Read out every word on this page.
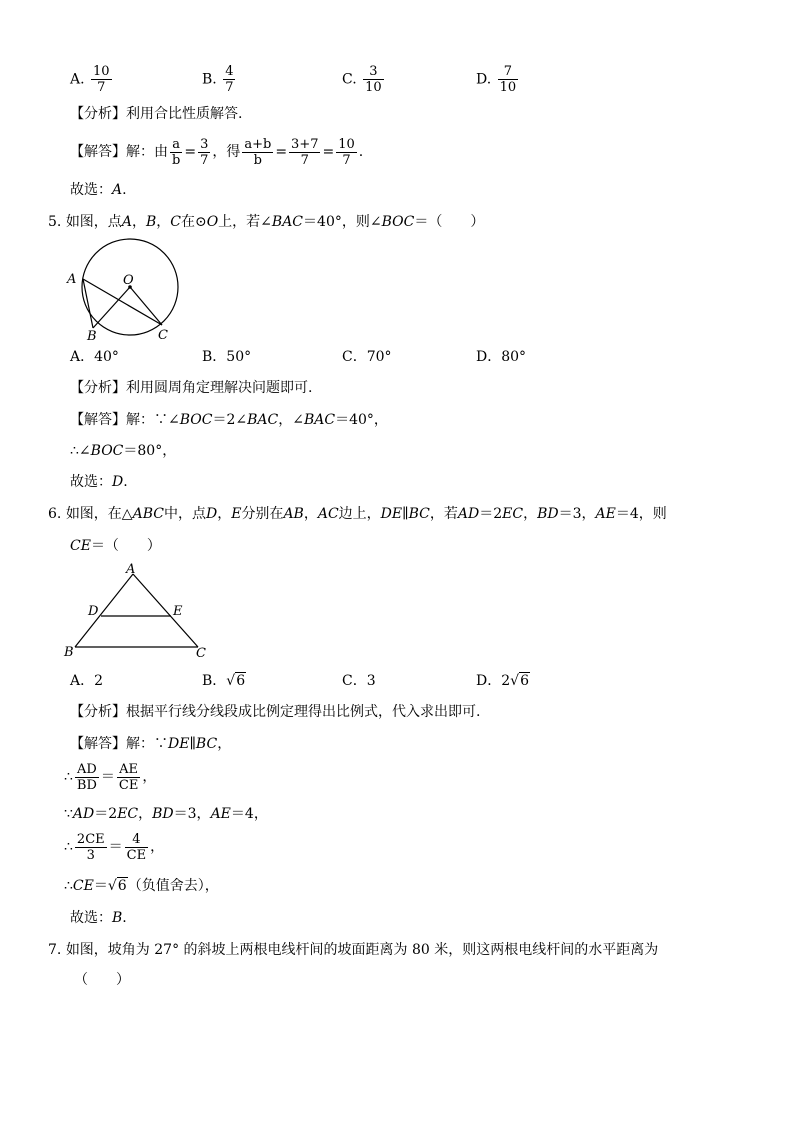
A. $\frac{10}{7}$	B. $\frac{4}{7}$	C. $\frac{3}{10}$	D. $\frac{7}{10}$
【分析】利用合比性质解答.
【解答】解：由 $\frac{a}{b} = \frac{3}{7}$ ，得 $\frac{a+b}{b} = \frac{3+7}{7} = \frac{10}{7}$ .
故选：A.
5. 如图，点A，B，C在⊙O上，若∠BAC＝40°，则∠BOC＝（　　）
A	O
B	C
A．40°	B．50°	C．70°	D．80°
【分析】利用圆周角定理解决问题即可.
【解答】解：∵∠BOC＝2∠BAC，∠BAC＝40°，
∴∠BOC＝80°，
故选：D.
6. 如图，在△ABC中，点D，E分别在AB，AC边上，DE∥BC，若AD＝2EC，BD＝3，AE＝4，则
CE＝（　　）
A
D	E
B	C
A．2	B．√6	C．3	D．2√6
【分析】根据平行线分线段成比例定理得出比例式，代入求出即可.
【解答】解：∵DE∥BC，
∴ $\frac{AD}{BD} = \frac{AE}{CE}$ ，
∵AD＝2EC，BD＝3，AE＝4，
∴ $\frac{2CE}{3} = \frac{4}{CE}$ ，
∴CE＝√6（负值舍去），
故选：B.
7. 如图，坡角为 27° 的斜坡上两根电线杆间的坡面距离为 80 米，则这两根电线杆间的水平距离为
（　　）
